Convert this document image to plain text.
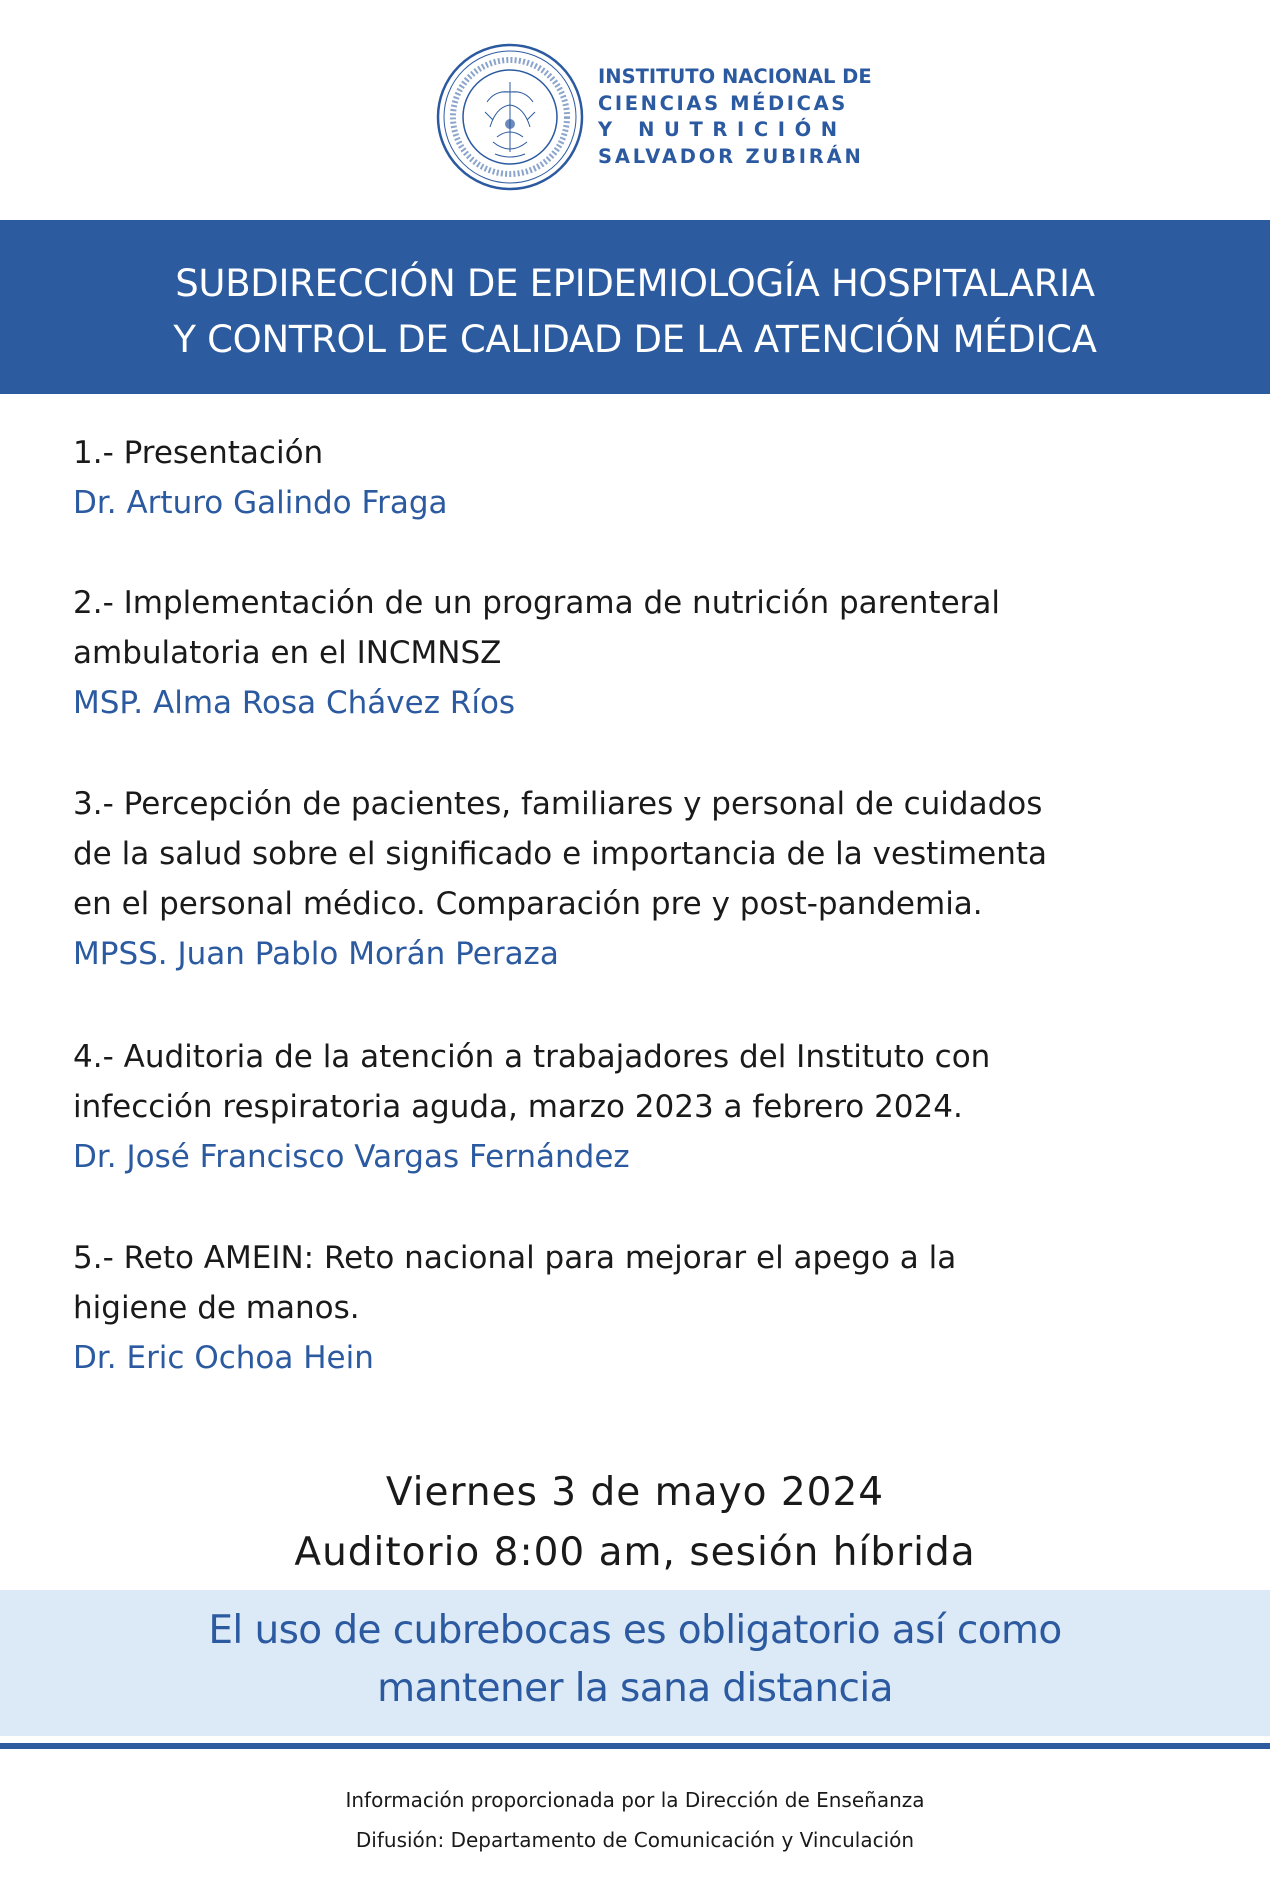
INSTITUTO NACIONAL DE
CIENCIAS MÉDICAS
Y NUTRICIÓN
SALVADOR ZUBIRÁN
SUBDIRECCIÓN DE EPIDEMIOLOGÍA HOSPITALARIA
Y CONTROL DE CALIDAD DE LA ATENCIÓN MÉDICA
1.- Presentación
Dr. Arturo Galindo Fraga
2.- Implementación de un programa de nutrición parenteral
ambulatoria en el INCMNSZ
MSP. Alma Rosa Chávez Ríos
3.- Percepción de pacientes, familiares y personal de cuidados
de la salud sobre el significado e importancia de la vestimenta
en el personal médico. Comparación pre y post-pandemia.
MPSS. Juan Pablo Morán Peraza
4.- Auditoria de la atención a trabajadores del Instituto con
infección respiratoria aguda, marzo 2023 a febrero 2024.
Dr. José Francisco Vargas Fernández
5.- Reto AMEIN: Reto nacional para mejorar el apego a la
higiene de manos.
Dr. Eric Ochoa Hein
Viernes 3 de mayo 2024
Auditorio 8:00 am, sesión híbrida
El uso de cubrebocas es obligatorio así como
mantener la sana distancia
Información proporcionada por la Dirección de Enseñanza
Difusión: Departamento de Comunicación y Vinculación
